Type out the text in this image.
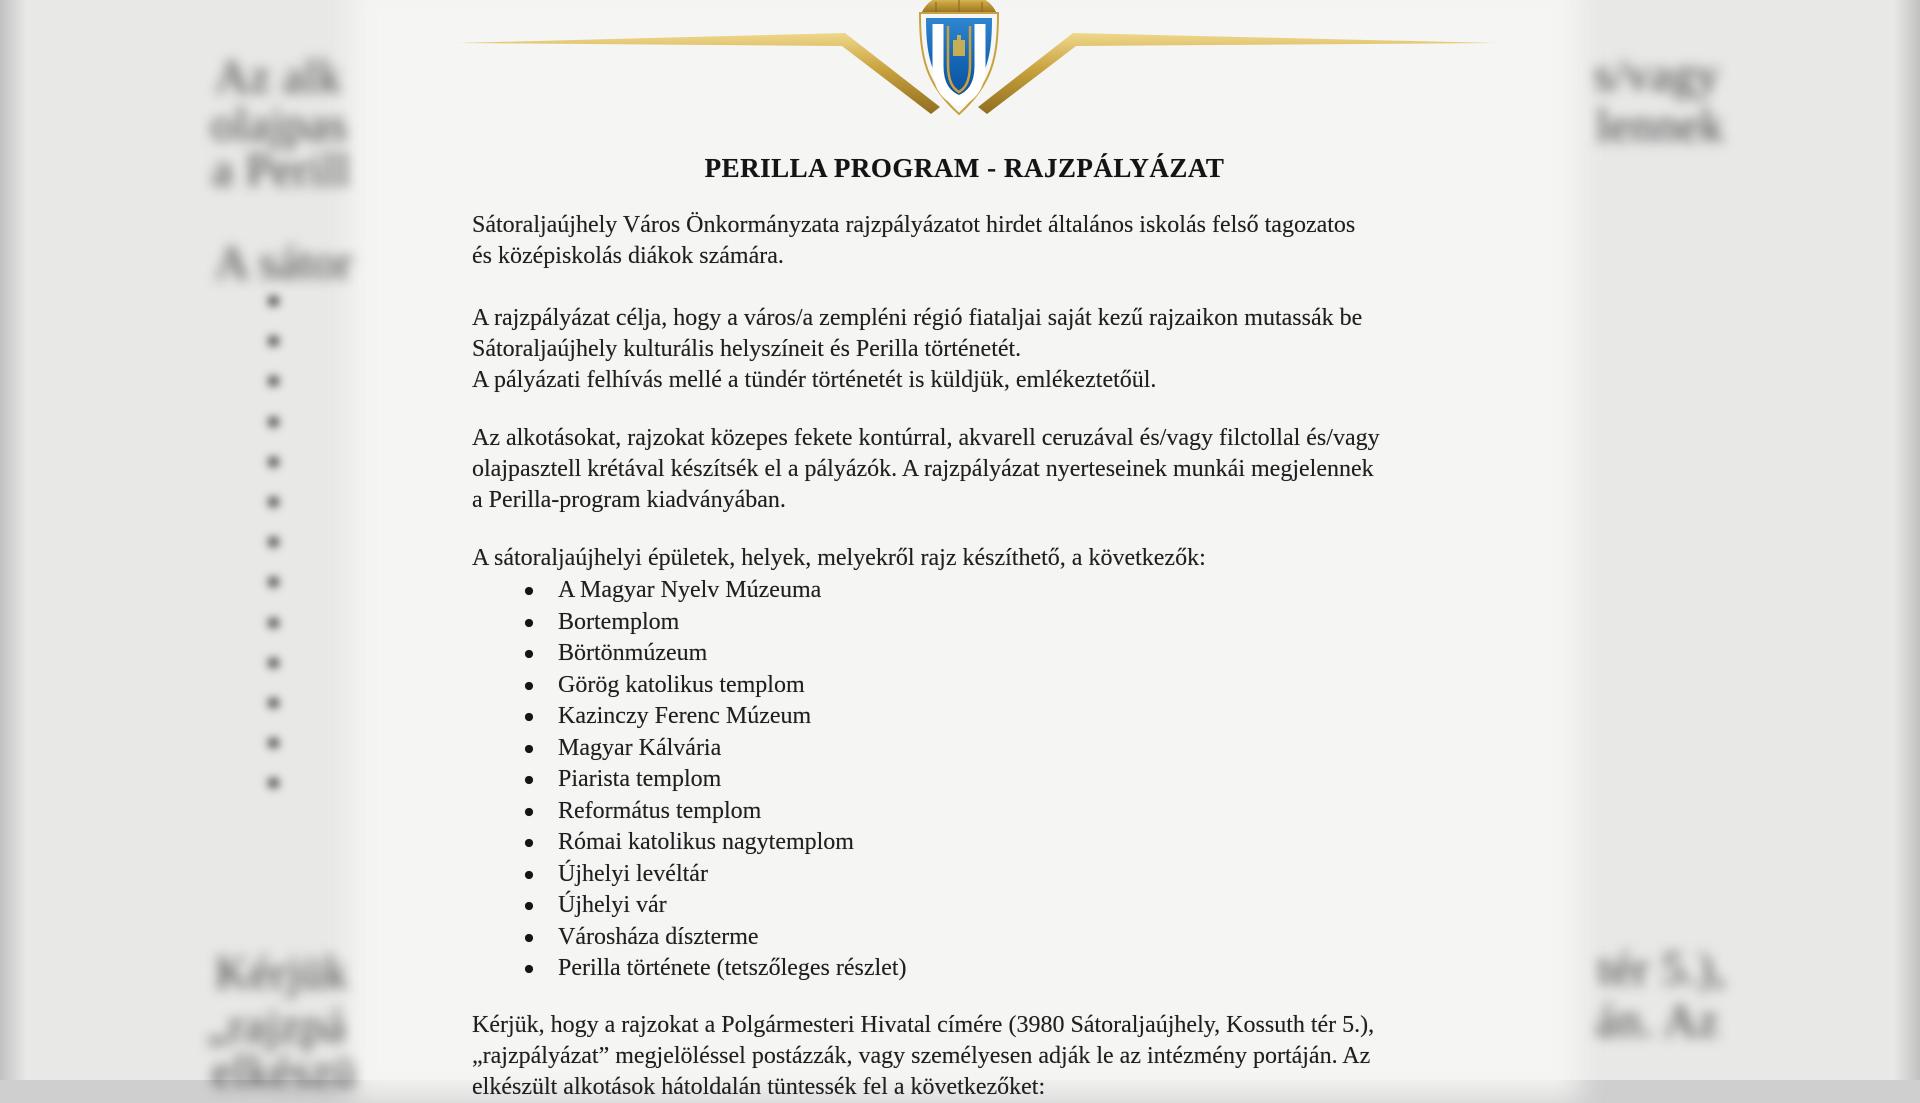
Az alk
olajpas
a Perill
A sátor
Kérjük
„rajzpá
elkészü
s/vagy
lennek
tér 5.),
án. Az
PERILLA PROGRAM - RAJZPÁLYÁZAT
Sátoraljaújhely Város Önkormányzata rajzpályázatot hirdet általános iskolás felső tagozatos
és középiskolás diákok számára.
A rajzpályázat célja, hogy a város/a zempléni régió fiataljai saját kezű rajzaikon mutassák be
Sátoraljaújhely kulturális helyszíneit és Perilla történetét.
A pályázati felhívás mellé a tündér történetét is küldjük, emlékeztetőül.
Az alkotásokat, rajzokat közepes fekete kontúrral, akvarell ceruzával és/vagy filctollal és/vagy
olajpasztell krétával készítsék el a pályázók. A rajzpályázat nyerteseinek munkái megjelennek
a Perilla-program kiadványában.
A sátoraljaújhelyi épületek, helyek, melyekről rajz készíthető, a következők:
A Magyar Nyelv Múzeuma
Bortemplom
Börtönmúzeum
Görög katolikus templom
Kazinczy Ferenc Múzeum
Magyar Kálvária
Piarista templom
Református templom
Római katolikus nagytemplom
Újhelyi levéltár
Újhelyi vár
Városháza díszterme
Perilla története (tetszőleges részlet)
Kérjük, hogy a rajzokat a Polgármesteri Hivatal címére (3980 Sátoraljaújhely, Kossuth tér 5.),
„rajzpályázat” megjelöléssel postázzák, vagy személyesen adják le az intézmény portáján. Az
elkészült alkotások hátoldalán tüntessék fel a következőket:
